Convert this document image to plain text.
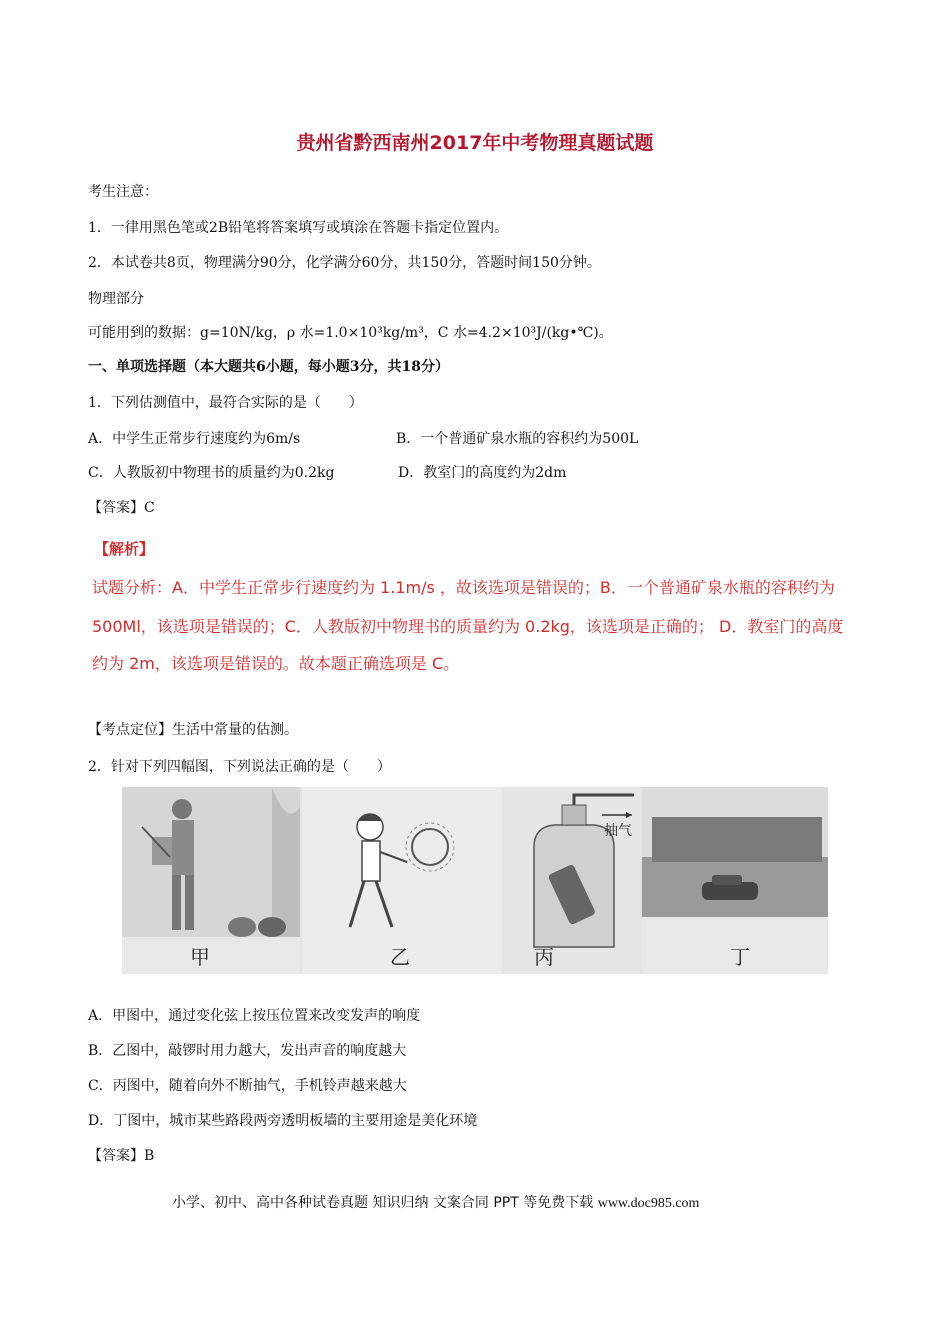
贵州省黔西南州2017年中考物理真题试题
考生注意：
1．一律用黑色笔或2B铅笔将答案填写或填涂在答题卡指定位置内。
2．本试卷共8页，物理满分90分，化学满分60分，共150分，答题时间150分钟。
物理部分
可能用到的数据：g=10N/kg，ρ 水=1.0×10³kg/m³，C 水=4.2×10³J/(kg•℃)。
一、单项选择题（本大题共6小题，每小题3分，共18分）
1．下列估测值中，最符合实际的是（　　）
A．中学生正常步行速度约为6m/s	B．一个普通矿泉水瓶的容积约为500L
C．人教版初中物理书的质量约为0.2kg	D．教室门的高度约为2dm
【答案】C
【解析】
试题分析：A．中学生正常步行速度约为 1.1m/s ，故该选项是错误的；B．一个普通矿泉水瓶的容积约为
500Ml，该选项是错误的；C．人教版初中物理书的质量约为 0.2kg，该选项是正确的； D．教室门的高度
约为 2m，该选项是错误的。故本题正确选项是 C。
【考点定位】生活中常量的估测。
2．针对下列四幅图，下列说法正确的是（　　）
甲	乙
抽气
丙	丁
A．甲图中，通过变化弦上按压位置来改变发声的响度
B．乙图中，敲锣时用力越大，发出声音的响度越大
C．丙图中，随着向外不断抽气，手机铃声越来越大
D．丁图中，城市某些路段两旁透明板墙的主要用途是美化环境
【答案】B
小学、初中、高中各种试卷真题 知识归纳 文案合同 PPT 等免费下载 www.doc985.com
